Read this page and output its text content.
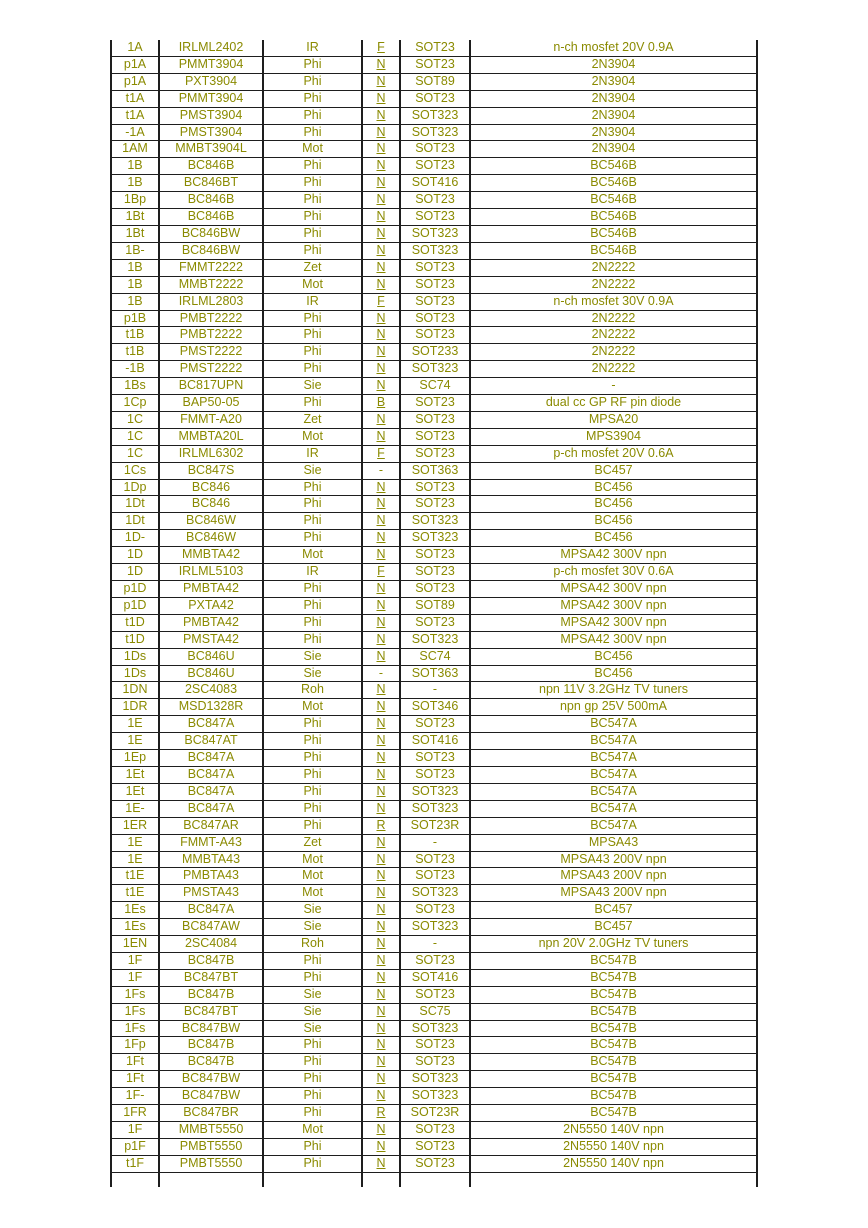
1A	IRLML2402	IR	F	SOT23	n-ch mosfet 20V 0.9A
p1A	PMMT3904	Phi	N	SOT23	2N3904
p1A	PXT3904	Phi	N	SOT89	2N3904
t1A	PMMT3904	Phi	N	SOT23	2N3904
t1A	PMST3904	Phi	N	SOT323	2N3904
-1A	PMST3904	Phi	N	SOT323	2N3904
1AM	MMBT3904L	Mot	N	SOT23	2N3904
1B	BC846B	Phi	N	SOT23	BC546B
1B	BC846BT	Phi	N	SOT416	BC546B
1Bp	BC846B	Phi	N	SOT23	BC546B
1Bt	BC846B	Phi	N	SOT23	BC546B
1Bt	BC846BW	Phi	N	SOT323	BC546B
1B-	BC846BW	Phi	N	SOT323	BC546B
1B	FMMT2222	Zet	N	SOT23	2N2222
1B	MMBT2222	Mot	N	SOT23	2N2222
1B	IRLML2803	IR	F	SOT23	n-ch mosfet 30V 0.9A
p1B	PMBT2222	Phi	N	SOT23	2N2222
t1B	PMBT2222	Phi	N	SOT23	2N2222
t1B	PMST2222	Phi	N	SOT233	2N2222
-1B	PMST2222	Phi	N	SOT323	2N2222
1Bs	BC817UPN	Sie	N	SC74	-
1Cp	BAP50-05	Phi	B	SOT23	dual cc GP RF pin diode
1C	FMMT-A20	Zet	N	SOT23	MPSA20
1C	MMBTA20L	Mot	N	SOT23	MPS3904
1C	IRLML6302	IR	F	SOT23	p-ch mosfet 20V 0.6A
1Cs	BC847S	Sie	-	SOT363	BC457
1Dp	BC846	Phi	N	SOT23	BC456
1Dt	BC846	Phi	N	SOT23	BC456
1Dt	BC846W	Phi	N	SOT323	BC456
1D-	BC846W	Phi	N	SOT323	BC456
1D	MMBTA42	Mot	N	SOT23	MPSA42 300V npn
1D	IRLML5103	IR	F	SOT23	p-ch mosfet 30V 0.6A
p1D	PMBTA42	Phi	N	SOT23	MPSA42 300V npn
p1D	PXTA42	Phi	N	SOT89	MPSA42 300V npn
t1D	PMBTA42	Phi	N	SOT23	MPSA42 300V npn
t1D	PMSTA42	Phi	N	SOT323	MPSA42 300V npn
1Ds	BC846U	Sie	N	SC74	BC456
1Ds	BC846U	Sie	-	SOT363	BC456
1DN	2SC4083	Roh	N	-	npn 11V 3.2GHz TV tuners
1DR	MSD1328R	Mot	N	SOT346	npn gp 25V 500mA
1E	BC847A	Phi	N	SOT23	BC547A
1E	BC847AT	Phi	N	SOT416	BC547A
1Ep	BC847A	Phi	N	SOT23	BC547A
1Et	BC847A	Phi	N	SOT23	BC547A
1Et	BC847A	Phi	N	SOT323	BC547A
1E-	BC847A	Phi	N	SOT323	BC547A
1ER	BC847AR	Phi	R	SOT23R	BC547A
1E	FMMT-A43	Zet	N	-	MPSA43
1E	MMBTA43	Mot	N	SOT23	MPSA43 200V npn
t1E	PMBTA43	Mot	N	SOT23	MPSA43 200V npn
t1E	PMSTA43	Mot	N	SOT323	MPSA43 200V npn
1Es	BC847A	Sie	N	SOT23	BC457
1Es	BC847AW	Sie	N	SOT323	BC457
1EN	2SC4084	Roh	N	-	npn 20V 2.0GHz TV tuners
1F	BC847B	Phi	N	SOT23	BC547B
1F	BC847BT	Phi	N	SOT416	BC547B
1Fs	BC847B	Sie	N	SOT23	BC547B
1Fs	BC847BT	Sie	N	SC75	BC547B
1Fs	BC847BW	Sie	N	SOT323	BC547B
1Fp	BC847B	Phi	N	SOT23	BC547B
1Ft	BC847B	Phi	N	SOT23	BC547B
1Ft	BC847BW	Phi	N	SOT323	BC547B
1F-	BC847BW	Phi	N	SOT323	BC547B
1FR	BC847BR	Phi	R	SOT23R	BC547B
1F	MMBT5550	Mot	N	SOT23	2N5550 140V npn
p1F	PMBT5550	Phi	N	SOT23	2N5550 140V npn
t1F	PMBT5550	Phi	N	SOT23	2N5550 140V npn
